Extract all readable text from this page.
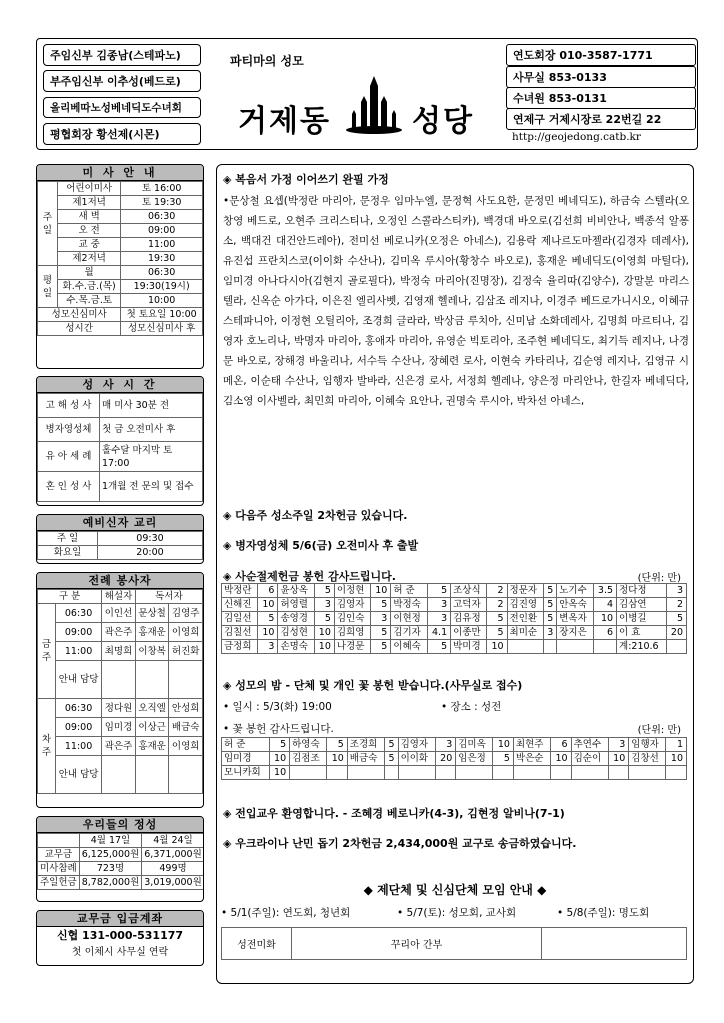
주임신부 김종남(스테파노)
부주임신부 이추성(베드로)
올리베따노성베네딕도수녀회
평협회장 황선제(시몬)
파티마의 성모
거제동	성당
연도회장 010-3587-1771
사무실 853-0133
수녀원 853-0131
연제구 거제시장로 22번길 22
http://geojedong.catb.kr
미 사 안 내
주 일	어린이미사	토 16:00
	제1저녁	토 19:30
	새 벽	06:30
	오 전	09:00
	교 중	11:00
	제2저녁	19:30
평 일	월	06:30
	화.수.금.(목)	19:30(19시)
	수.목.금.토	10:00
성모신심미사		첫 토요일 10:00
성시간		성모신심미사 후
성 사 시 간
고 해 성 사	매 미사 30분 전
병자영성체	첫 금 오전미사 후
유 아 세 례	홀수달 마지막 토 17:00
혼 인 성 사	1개월 전 문의 및 접수
예비신자 교리
주 일	09:30
화요일	20:00
전례 봉사자
구 분		해설자	독서자	
금 주	06:30	이인선	문상철	김영주
	09:00	곽은주	홍재운	이영희
	11:00	최명희	이창복	허진화
	안내 담당			
차 주	06:30	정다원	오직엘	안성희
	09:00	임미경	이상근	배금숙
	11:00	곽은주	홍재운	이영희
	안내 담당			
우리들의 정성
	4월 17일	4월 24일
교무금	6,125,000원	6,371,000원
미사참례	723명	499명
주일헌금	8,782,000원	3,019,000원
교무금 입금계좌
신협 131-000-531177
첫 이체시 사무실 연락
◈ 복음서 가정 이어쓰기 완필 가정
•문상철 요셉(박정란 마리아, 문정우 임마누엘, 문정혁 사도요한, 문정민 베네딕도), 하금숙 스텔라(오창영 베드로, 오현주 크리스티나, 오정인 스콜라스티카), 백경대 바오로(김선희 비비안나, 백종석 알퐁소, 백대건 대건안드레아), 전미선 베로니카(오정은 아네스), 김용락 제나르도마젤라(김경자 데레사), 유진섭 프란치스코(이이화 수산나), 김미옥 루시아(황창수 바오로), 홍재운 베네딕도(이영희 마틸다), 임미경 아나다시아(김현지 골로필다), 박정숙 마리아(진명장), 김정숙 율리따(김양수), 강말분 마리스텔라, 신옥순 아가다, 이은진 엘리사벳, 김영재 헬레나, 김삼조 레지나, 이경주 베드로가니시오, 이혜규 스테파니아, 이정현 오틸리아, 조경희 글라라, 박상금 루치아, 신미남 소화데레사, 김명희 마르티나, 김영자 호노리나, 박명자 마리아, 홍애자 마리아, 유영순 빅토리아, 조주현 베네딕도, 최기득 레지나, 나경문 바오로, 장해경 바울리나, 서수득 수산나, 장혜련 로사, 이현숙 카타리나, 김순영 레지나, 김영규 시메온, 이순태 수산나, 임행자 발바라, 신은경 로사, 서정희 헬레나, 양은정 마리안나, 한길자 베네딕다, 김소영 이사벨라, 최민희 마리아, 이혜숙 요안나, 권명숙 루시아, 박차선 아네스,
◈ 다음주 성소주일 2차헌금 있습니다.
◈ 병자영성체 5/6(금) 오전미사 후 출발
◈ 사순절제헌금 봉헌 감사드립니다.	(단위: 만)
박정란	6	윤상옥	5	이정현	10	허 준	5	조상식	2	정문자	5	노기수	3.5	정다정	3
신해진	10	허영렬	3	김영자	5	박정숙	3	고덕자	2	김진영	5	안옥숙	4	김삼연	2
김일선	5	송영경	5	김인숙	3	이현정	3	김유정	5	전인환	5	변옥자	10	이병길	5
김칠선	10	김성현	10	김희영	5	김기자	4.1	이종만	5	최미순	3	장지은	6	이 효	20
금정희	3	손명숙	10	나경문	5	이혜숙	5	박미경	10					계:210.6	
◈ 성모의 밤 - 단체 및 개인 꽃 봉헌 받습니다.(사무실로 접수)
• 일시 : 5/3(화) 19:00	• 장소 : 성전
• 꽃 봉헌 감사드립니다.	(단위: 만)
허 준	5	하영숙	5	조경희	5	김영자	3	김미옥	10	최현주	6	추연수	3	임행자	1
임미경	10	김점조	10	배금숙	5	이이화	20	임은정	5	박은순	10	김순이	10	김창선	10
모니카회	10														
◈ 전입교우 환영합니다. - 조혜경 베로니카(4-3), 김현정 알비나(7-1)
◈ 우크라이나 난민 돕기 2차헌금 2,434,000원 교구로 송금하였습니다.
◆ 제단체 및 신심단체 모임 안내 ◆
• 5/1(주일): 연도회, 청년회	• 5/7(토): 성모회, 교사회	• 5/8(주일): 명도회
성전미화	꾸리아 간부	
